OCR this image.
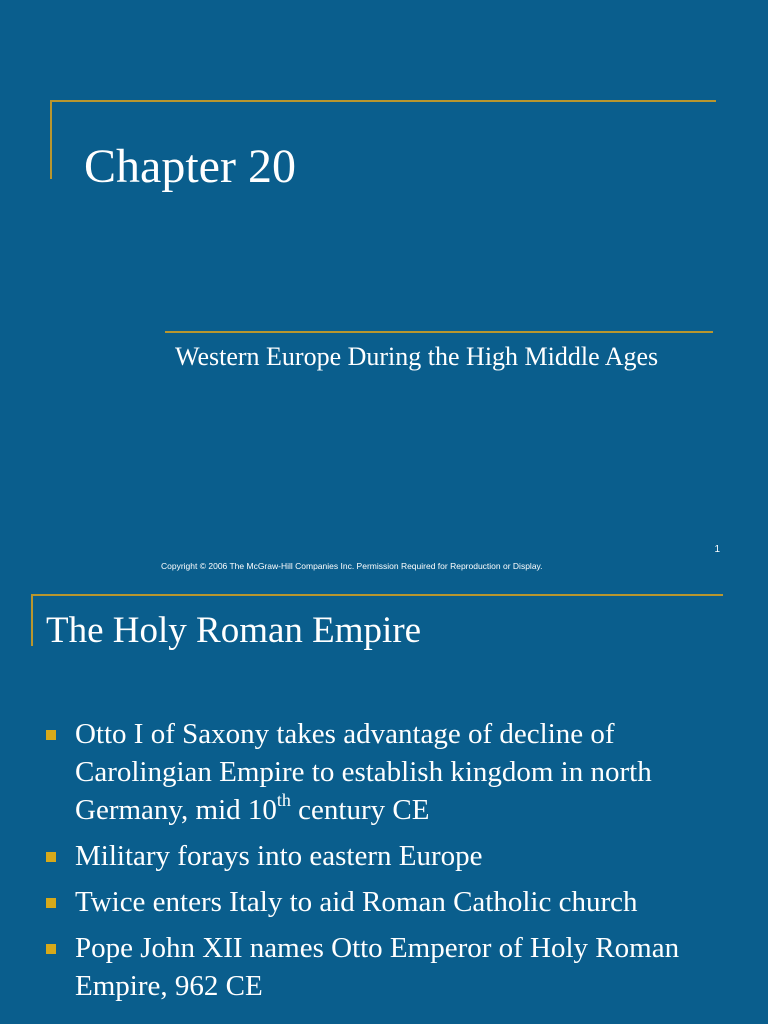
Chapter 20

Western Europe During the High Middle Ages

1
Copyright © 2006 The McGraw-Hill Companies Inc. Permission Required for Reproduction or Display.
The Holy Roman Empire
Otto I of Saxony takes advantage of decline of Carolingian Empire to establish kingdom in north Germany, mid 10th century CE
Military forays into eastern Europe
Twice enters Italy to aid Roman Catholic church
Pope John XII names Otto Emperor of Holy Roman Empire, 962 CE
